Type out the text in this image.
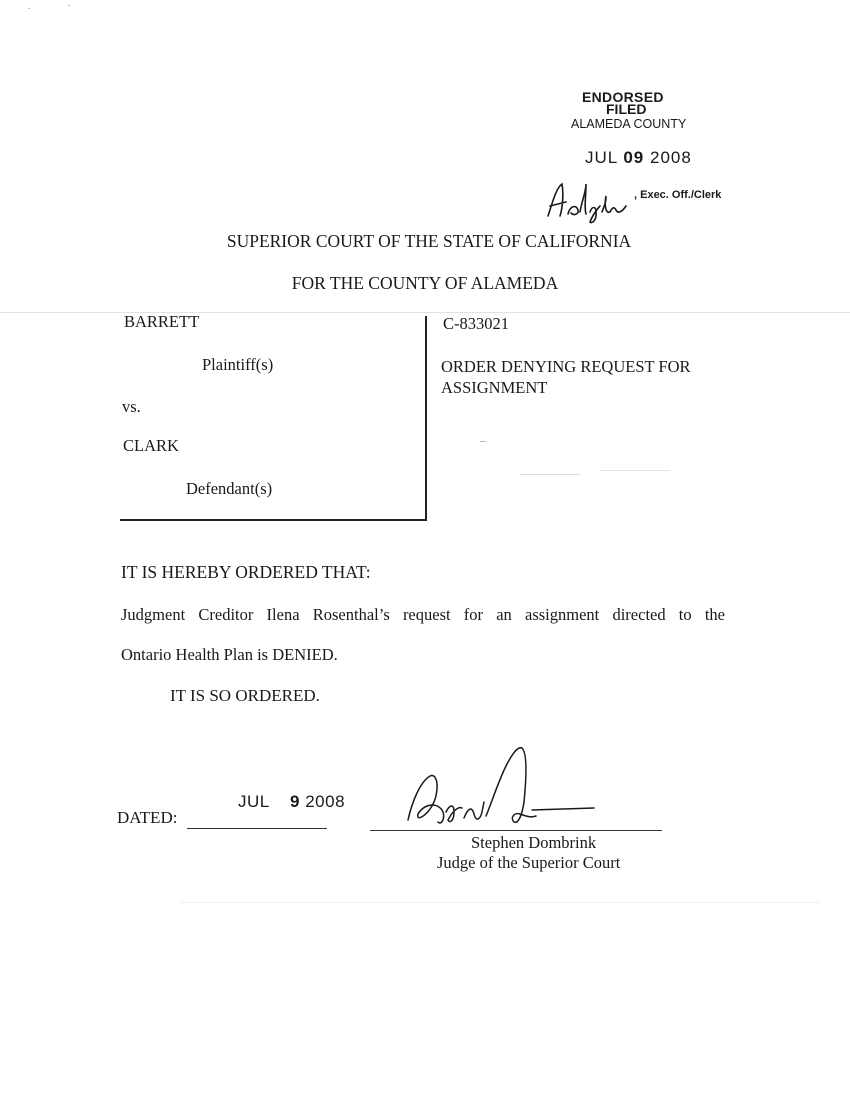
ENDORSED
FILED
ALAMEDA COUNTY
JUL 09 2008
, Exec. Off./Clerk
SUPERIOR COURT OF THE STATE OF CALIFORNIA
FOR THE COUNTY OF ALAMEDA
BARRETT
Plaintiff(s)
vs.
CLARK
Defendant(s)
C-833021
ORDER DENYING REQUEST FOR
ASSIGNMENT
IT IS HEREBY ORDERED THAT:
Judgment Creditor Ilena Rosenthal’s request for an assignment directed to the
Ontario Health Plan is DENIED.
IT IS SO ORDERED.
JUL 9 2008
DATED:
Stephen Dombrink
Judge of the Superior Court
